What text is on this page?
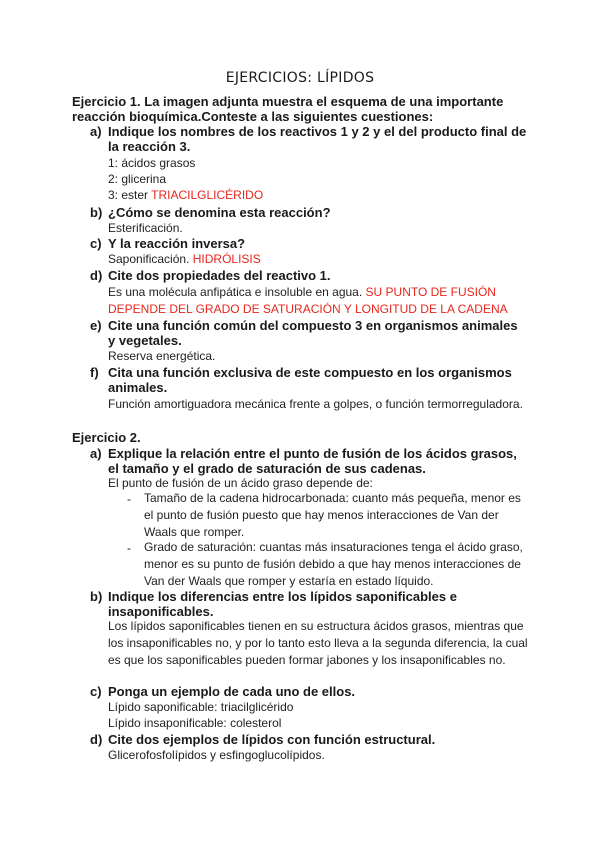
EJERCICIOS: LÍPIDOS
Ejercicio 1. La imagen adjunta muestra el esquema de una importante reacción bioquímica.Conteste a las siguientes cuestiones:
a) Indique los nombres de los reactivos 1 y 2 y el del producto final de la reacción 3.
1: ácidos grasos
2: glicerina
3: ester TRIACILGLICÉRIDO
b) ¿Cómo se denomina esta reacción?
Esterificación.
c) Y la reacción inversa?
Saponificación. HIDRÓLISIS
d) Cite dos propiedades del reactivo 1.
Es una molécula anfipática e insoluble en agua. SU PUNTO DE FUSIÓN DEPENDE DEL GRADO DE SATURACIÓN Y LONGITUD DE LA CADENA
e) Cite una función común del compuesto 3 en organismos animales y vegetales.
Reserva energética.
f) Cita una función exclusiva de este compuesto en los organismos animales.
Función amortiguadora mecánica frente a golpes, o función termorreguladora.
Ejercicio 2.
a) Explique la relación entre el punto de fusión de los ácidos grasos, el tamaño y el grado de saturación de sus cadenas.
El punto de fusión de un ácido graso depende de:
- Tamaño de la cadena hidrocarbonada: cuanto más pequeña, menor es el punto de fusión puesto que hay menos interacciones de Van der Waals que romper.
- Grado de saturación: cuantas más insaturaciones tenga el ácido graso, menor es su punto de fusión debido a que hay menos interacciones de Van der Waals que romper y estaría en estado líquido.
b) Indique los diferencias entre los lípidos saponificables e insaponificables.
Los lípidos saponificables tienen en su estructura ácidos grasos, mientras que los insaponificables no, y por lo tanto esto lleva a la segunda diferencia, la cual es que los saponificables pueden formar jabones y los insaponificables no.
c) Ponga un ejemplo de cada uno de ellos.
Lípido saponificable: triacilglicérido
Lípido insaponificable: colesterol
d) Cite dos ejemplos de lípidos con función estructural.
Glicerofosfolípidos y esfingoglucolípidos.
